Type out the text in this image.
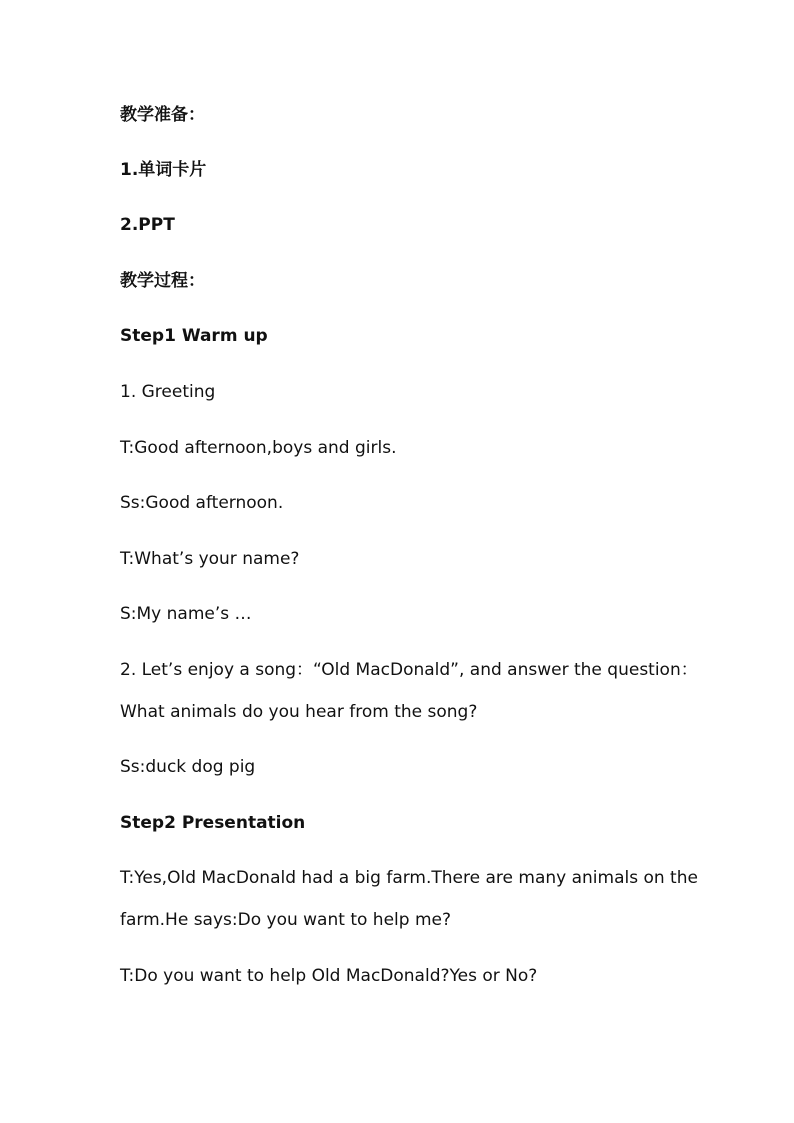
教学准备：
1.单词卡片
2.PPT
教学过程：
Step1 Warm up
1. Greeting
T:Good afternoon,boys and girls.
Ss:Good afternoon.
T:What’s your name?
S:My name’s …
2. Let’s enjoy a song：“Old MacDonald”, and answer the question：
What animals do you hear from the song?
Ss:duck dog pig
Step2 Presentation
T:Yes,Old MacDonald had a big farm.There are many animals on the
farm.He says:Do you want to help me?
T:Do you want to help Old MacDonald?Yes or No?
